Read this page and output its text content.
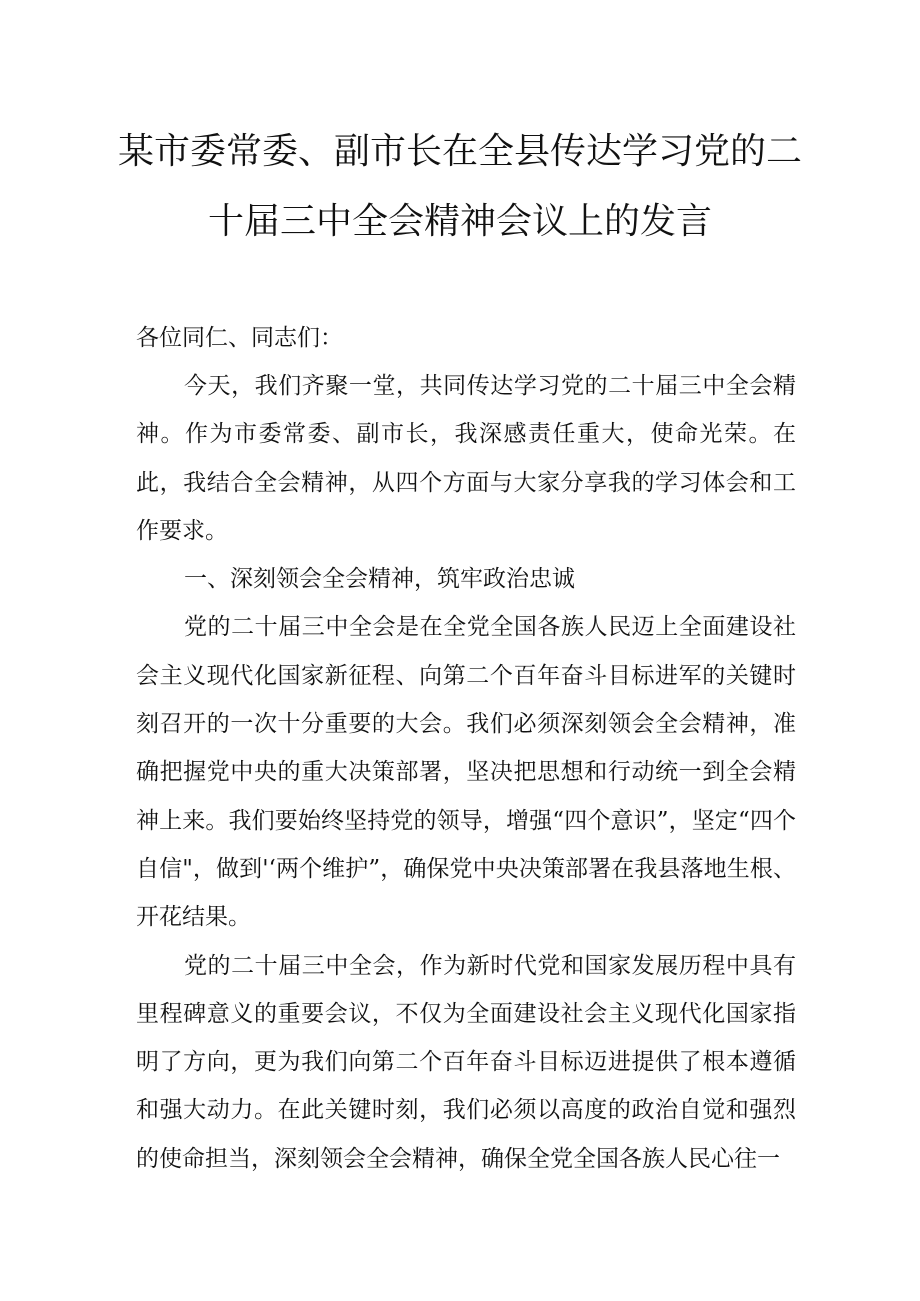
某市委常委、副市长在全县传达学习党的二
十届三中全会精神会议上的发言

各位同仁、同志们：

今天，我们齐聚一堂，共同传达学习党的二十届三中全会精神。作为市委常委、副市长，我深感责任重大，使命光荣。在此，我结合全会精神，从四个方面与大家分享我的学习体会和工作要求。

一、深刻领会全会精神，筑牢政治忠诚

党的二十届三中全会是在全党全国各族人民迈上全面建设社会主义现代化国家新征程、向第二个百年奋斗目标进军的关键时刻召开的一次十分重要的大会。我们必须深刻领会全会精神，准确把握党中央的重大决策部署，坚决把思想和行动统一到全会精神上来。我们要始终坚持党的领导，增强“四个意识”，坚定“四个自信"，做到'‘两个维护”，确保党中央决策部署在我县落地生根、开花结果。

党的二十届三中全会，作为新时代党和国家发展历程中具有里程碑意义的重要会议，不仅为全面建设社会主义现代化国家指明了方向，更为我们向第二个百年奋斗目标迈进提供了根本遵循和强大动力。在此关键时刻，我们必须以高度的政治自觉和强烈的使命担当，深刻领会全会精神，确保全党全国各族人民心往一
